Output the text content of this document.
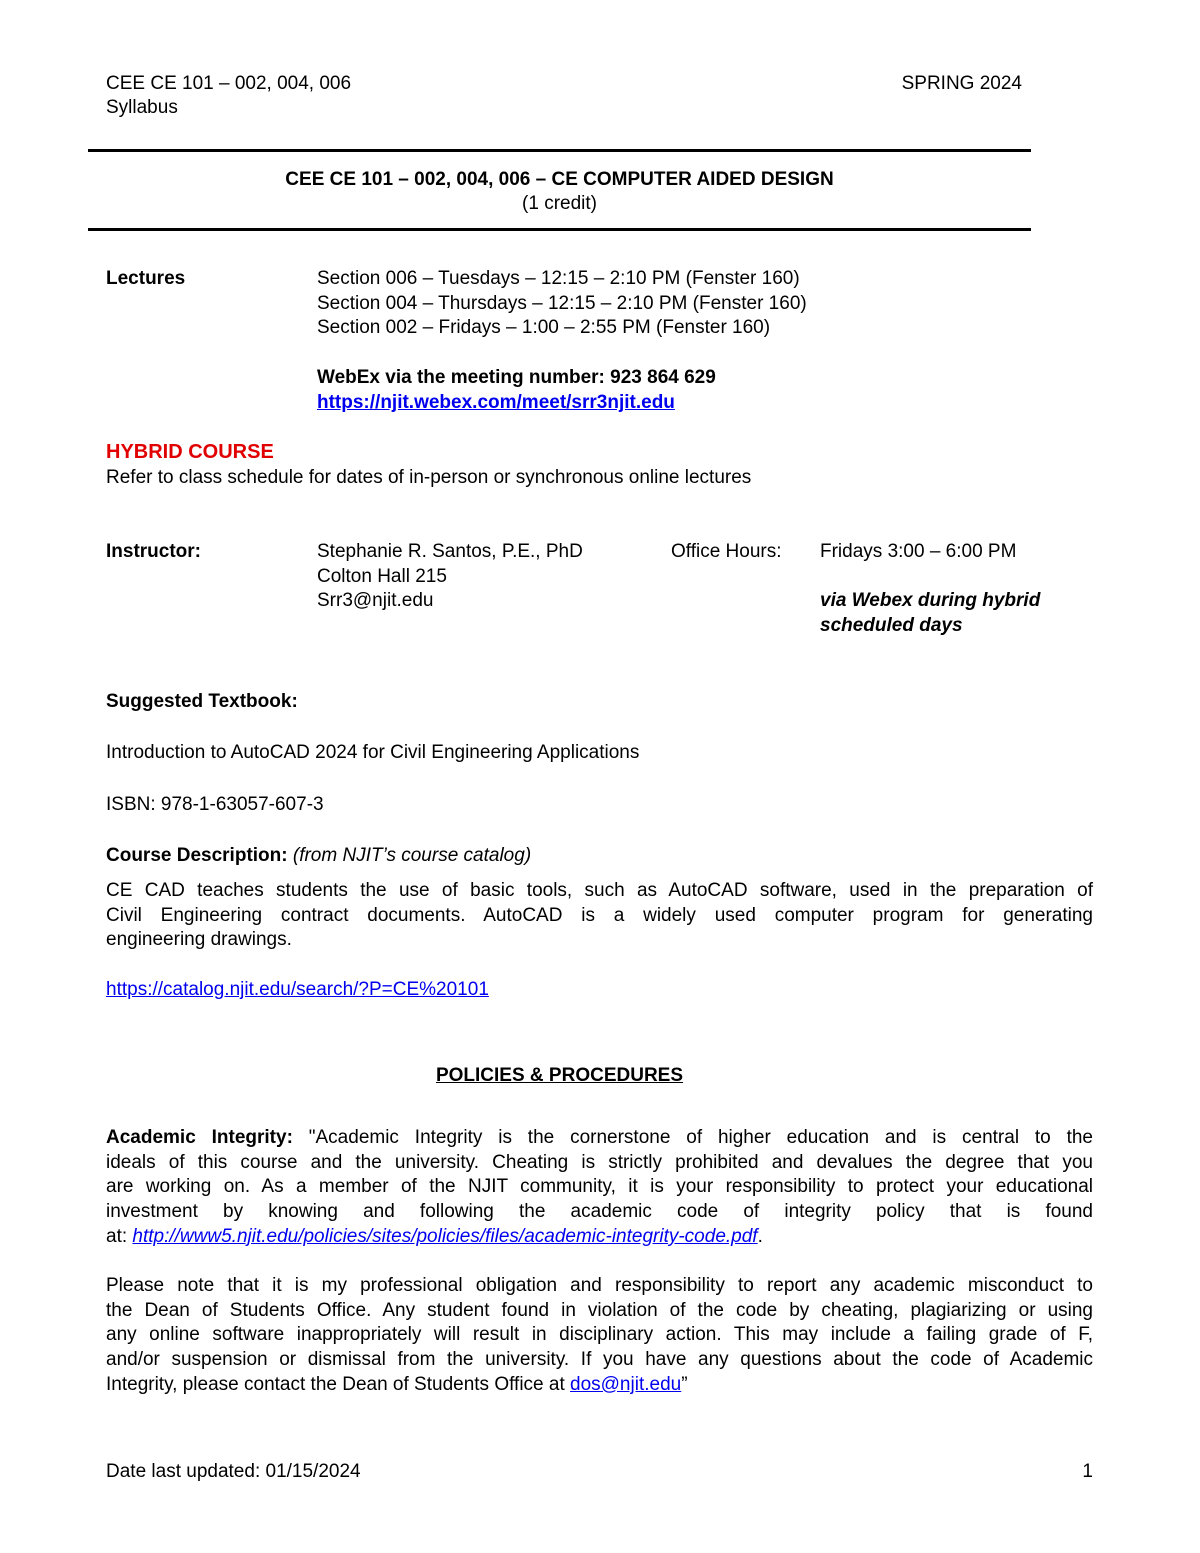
CEE CE 101 – 002, 004, 006
Syllabus
SPRING 2024
CEE CE 101 – 002, 004, 006 – CE COMPUTER AIDED DESIGN
(1 credit)
Lectures	Section 006 – Tuesdays – 12:15 – 2:10 PM (Fenster 160)
Section 004 – Thursdays – 12:15 – 2:10 PM (Fenster 160)
Section 002 – Fridays – 1:00 – 2:55 PM (Fenster 160)
WebEx via the meeting number: 923 864 629
https://njit.webex.com/meet/srr3njit.edu
HYBRID COURSE
Refer to class schedule for dates of in-person or synchronous online lectures
Instructor:	Stephanie R. Santos, P.E., PhD
Colton Hall 215
Srr3@njit.edu
Office Hours: Fridays 3:00 – 6:00 PM
via Webex during hybrid
scheduled days
Suggested Textbook:
Introduction to AutoCAD 2024 for Civil Engineering Applications
ISBN: 978-1-63057-607-3
Course Description: (from NJIT’s course catalog)
CE CAD teaches students the use of basic tools, such as AutoCAD software, used in the preparation of
Civil Engineering contract documents. AutoCAD is a widely used computer program for generating
engineering drawings.
https://catalog.njit.edu/search/?P=CE%20101
POLICIES & PROCEDURES
Academic Integrity: "Academic Integrity is the cornerstone of higher education and is central to the
ideals of this course and the university. Cheating is strictly prohibited and devalues the degree that you
are working on. As a member of the NJIT community, it is your responsibility to protect your educational
investment by knowing and following the academic code of integrity policy that is found
at: http://www5.njit.edu/policies/sites/policies/files/academic-integrity-code.pdf.
Please note that it is my professional obligation and responsibility to report any academic misconduct to
the Dean of Students Office. Any student found in violation of the code by cheating, plagiarizing or using
any online software inappropriately will result in disciplinary action. This may include a failing grade of F,
and/or suspension or dismissal from the university. If you have any questions about the code of Academic
Integrity, please contact the Dean of Students Office at dos@njit.edu”
Date last updated: 01/15/2024	1
